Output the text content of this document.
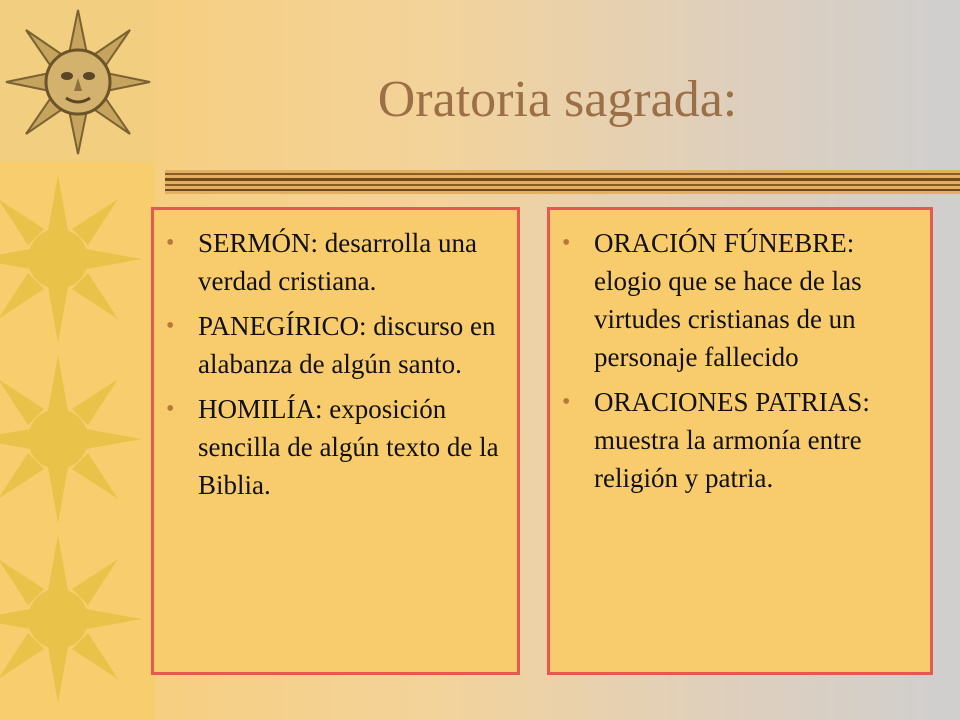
Oratoria sagrada:
• SERMÓN: desarrolla una verdad cristiana.
• PANEGÍRICO: discurso en alabanza de algún santo.
• HOMILÍA: exposición sencilla de algún texto de la Biblia.
• ORACIÓN FÚNEBRE: elogio que se hace de las virtudes cristianas de un personaje fallecido
• ORACIONES PATRIAS: muestra la armonía entre religión y patria.
